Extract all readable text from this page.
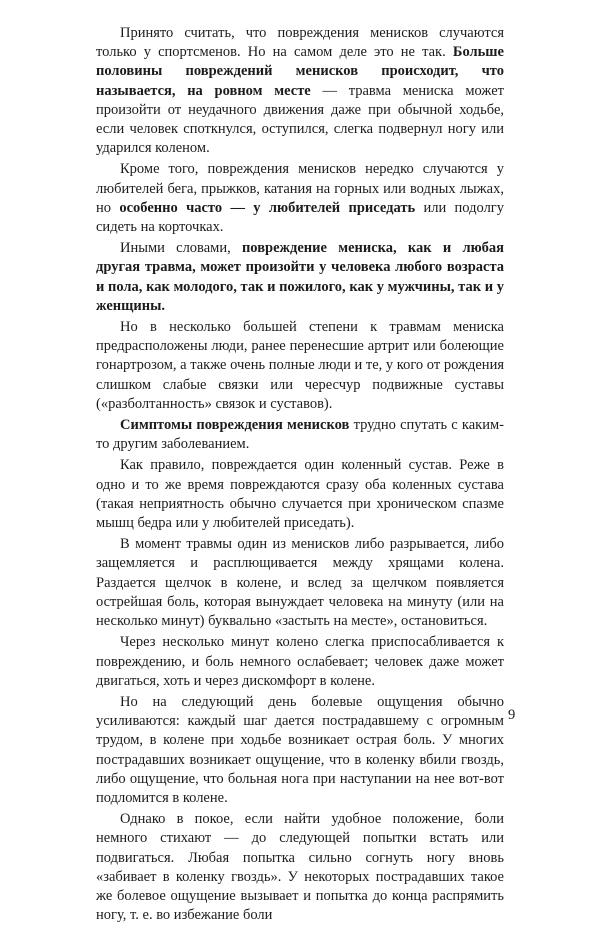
Принято считать, что повреждения менисков случаются только у спортсменов. Но на самом деле это не так. Больше половины повреждений менисков происходит, что называется, на ровном месте — травма мениска может произойти от неудачного движения даже при обычной ходьбе, если человек споткнулся, оступился, слегка подвернул ногу или ударился коленом.

Кроме того, повреждения менисков нередко случаются у любителей бега, прыжков, катания на горных или водных лыжах, но особенно часто — у любителей приседать или подолгу сидеть на корточках.

Иными словами, повреждение мениска, как и любая другая травма, может произойти у человека любого возраста и пола, как молодого, так и пожилого, как у мужчины, так и у женщины.

Но в несколько большей степени к травмам мениска предрасположены люди, ранее перенесшие артрит или болеющие гонартрозом, а также очень полные люди и те, у кого от рождения слишком слабые связки или чересчур подвижные суставы («разболтанность» связок и суставов).

Симптомы повреждения менисков трудно спутать с каким-то другим заболеванием.

Как правило, повреждается один коленный сустав. Реже в одно и то же время повреждаются сразу оба коленных сустава (такая неприятность обычно случается при хроническом спазме мышц бедра или у любителей приседать).

В момент травмы один из менисков либо разрывается, либо защемляется и расплющивается между хрящами колена. Раздается щелчок в колене, и вслед за щелчком появляется острейшая боль, которая вынуждает человека на минуту (или на несколько минут) буквально «застыть на месте», остановиться.

Через несколько минут колено слегка приспосабливается к повреждению, и боль немного ослабевает; человек даже может двигаться, хоть и через дискомфорт в колене.

Но на следующий день болевые ощущения обычно усиливаются: каждый шаг дается пострадавшему с огромным трудом, в колене при ходьбе возникает острая боль. У многих пострадавших возникает ощущение, что в коленку вбили гвоздь, либо ощущение, что больная нога при наступании на нее вот-вот подломится в колене.

Однако в покое, если найти удобное положение, боли немного стихают — до следующей попытки встать или подвигаться. Любая попытка сильно согнуть ногу вновь «забивает в коленку гвоздь». У некоторых пострадавших такое же болевое ощущение вызывает и попытка до конца распрямить ногу, т. е. во избежание боли

9
